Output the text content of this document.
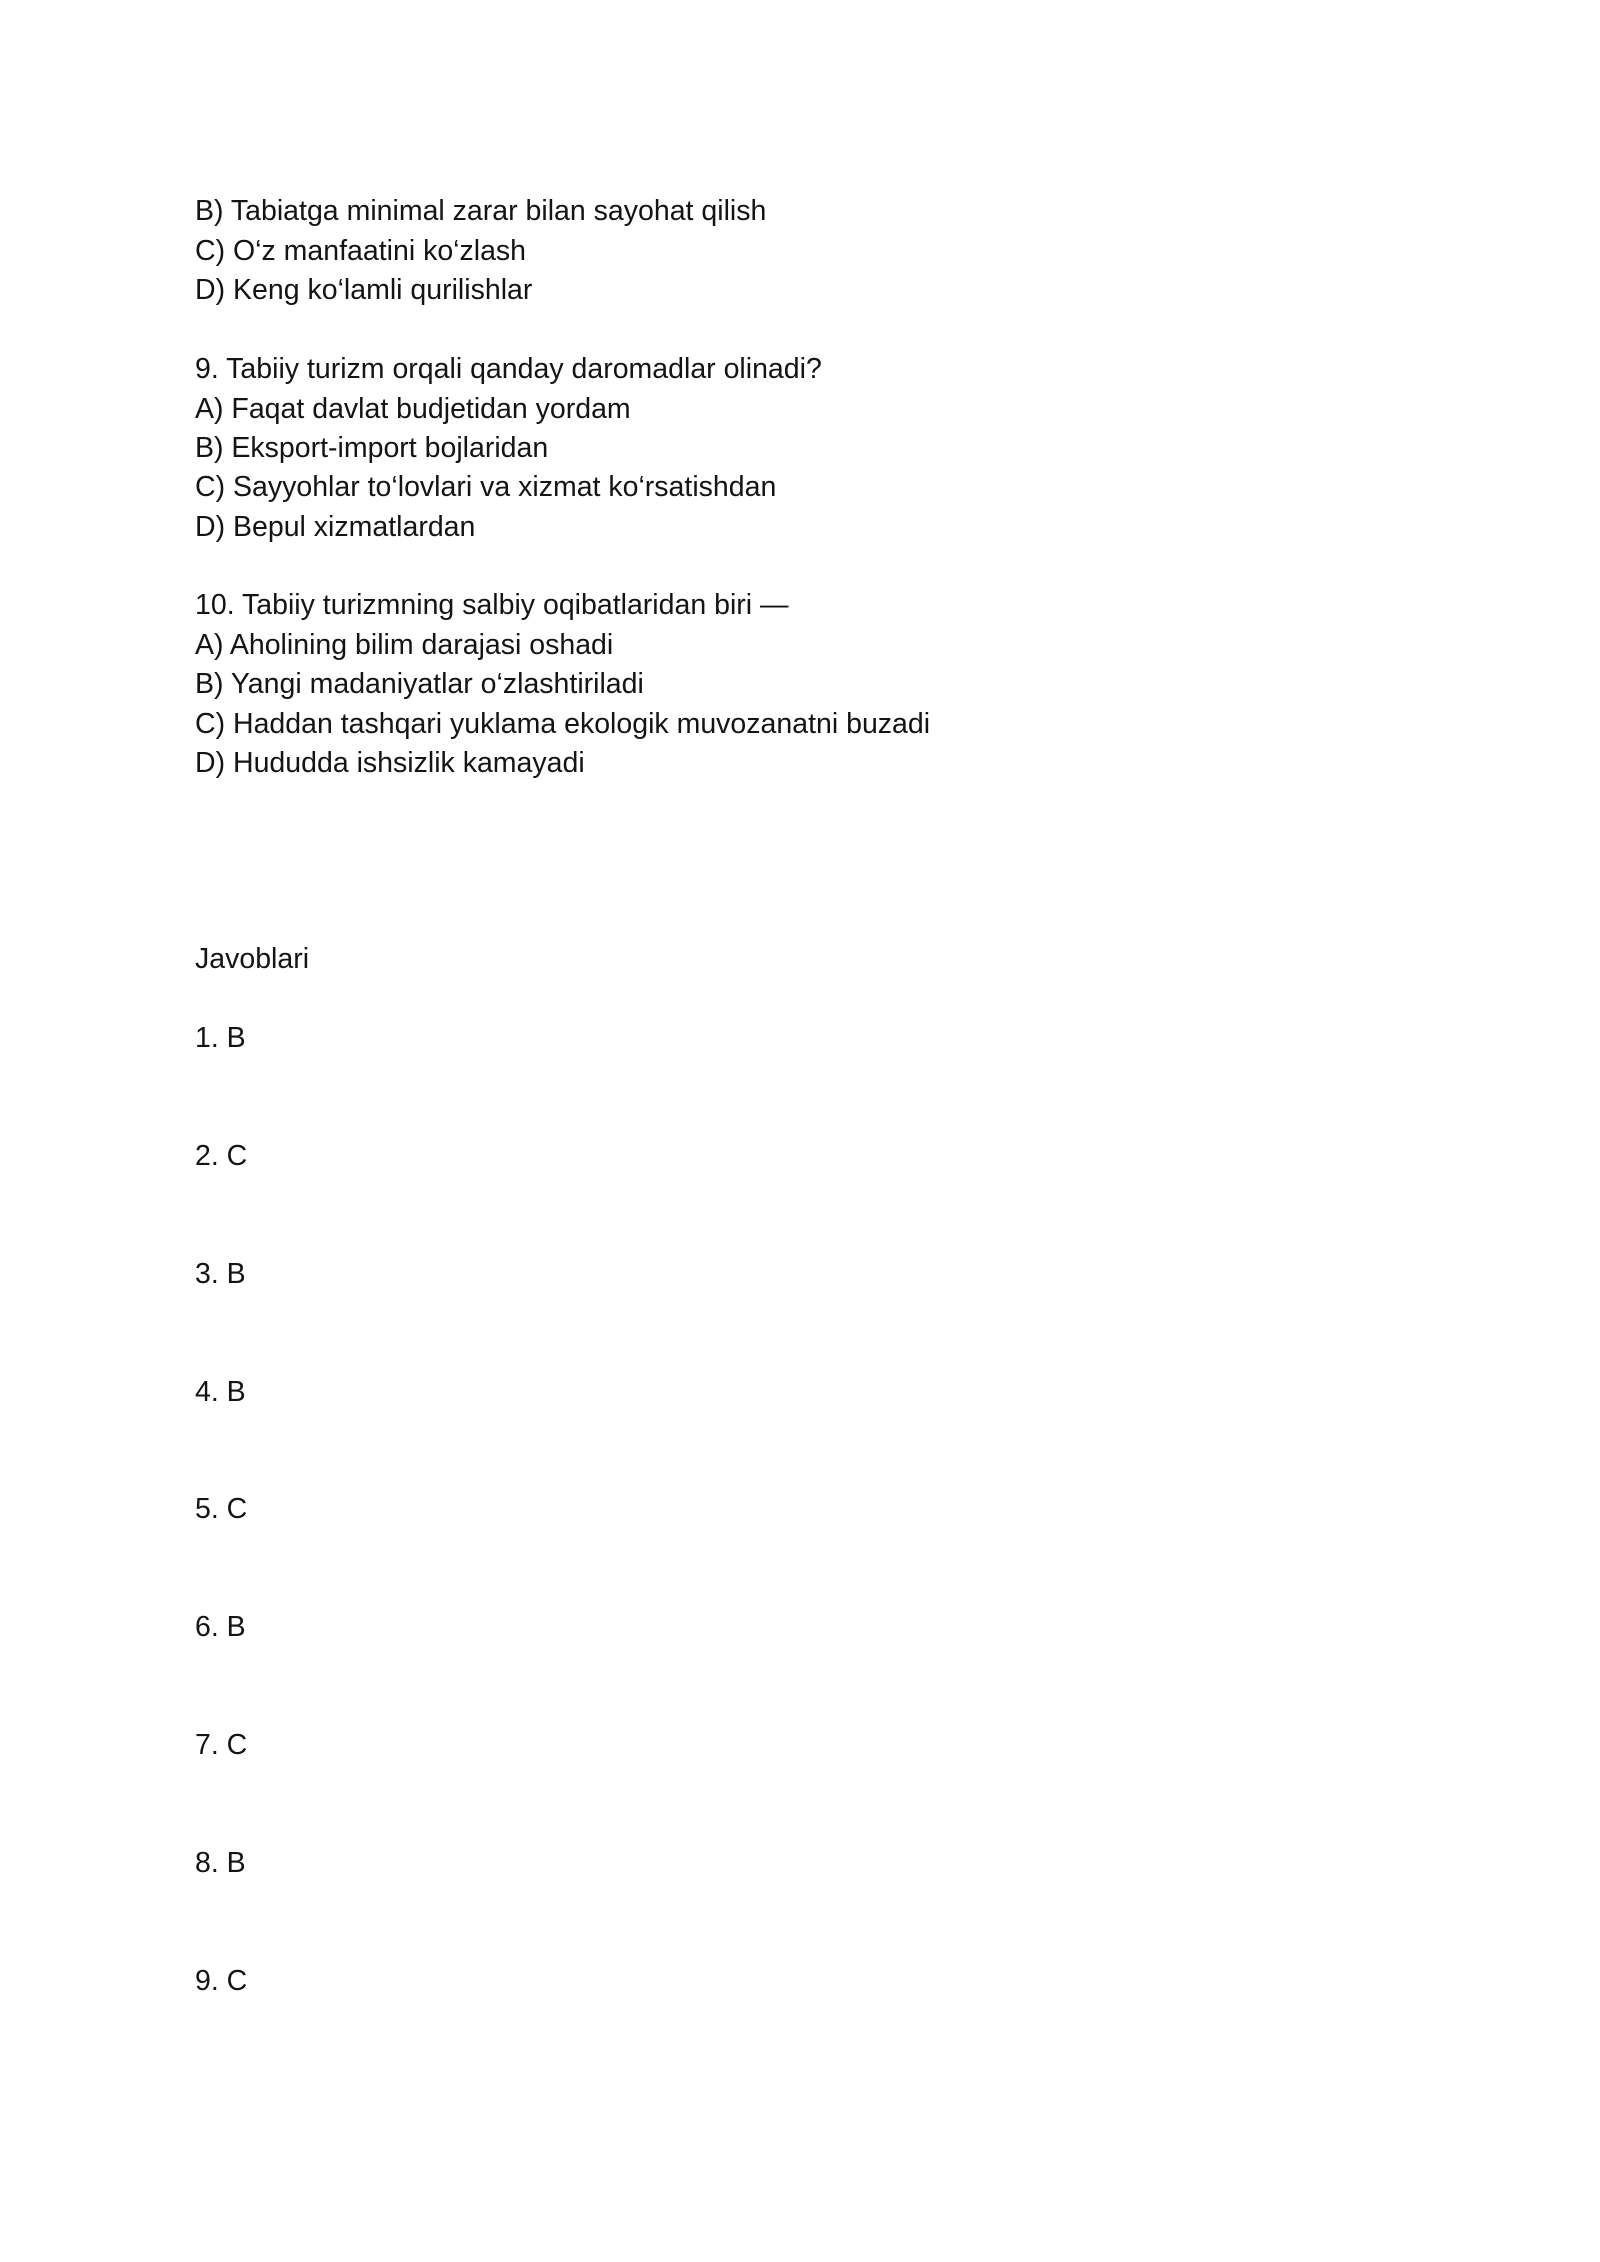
B) Tabiatga minimal zarar bilan sayohat qilish
C) O‘z manfaatini ko‘zlash
D) Keng ko‘lamli qurilishlar
9. Tabiiy turizm orqali qanday daromadlar olinadi?
A) Faqat davlat budjetidan yordam
B) Eksport-import bojlaridan
C) Sayyohlar to‘lovlari va xizmat ko‘rsatishdan
D) Bepul xizmatlardan
10. Tabiiy turizmning salbiy oqibatlaridan biri —
A) Aholining bilim darajasi oshadi
B) Yangi madaniyatlar o‘zlashtiriladi
C) Haddan tashqari yuklama ekologik muvozanatni buzadi
D) Hududda ishsizlik kamayadi
Javoblari
1. B
2. C
3. B
4. B
5. C
6. B
7. C
8. B
9. C
